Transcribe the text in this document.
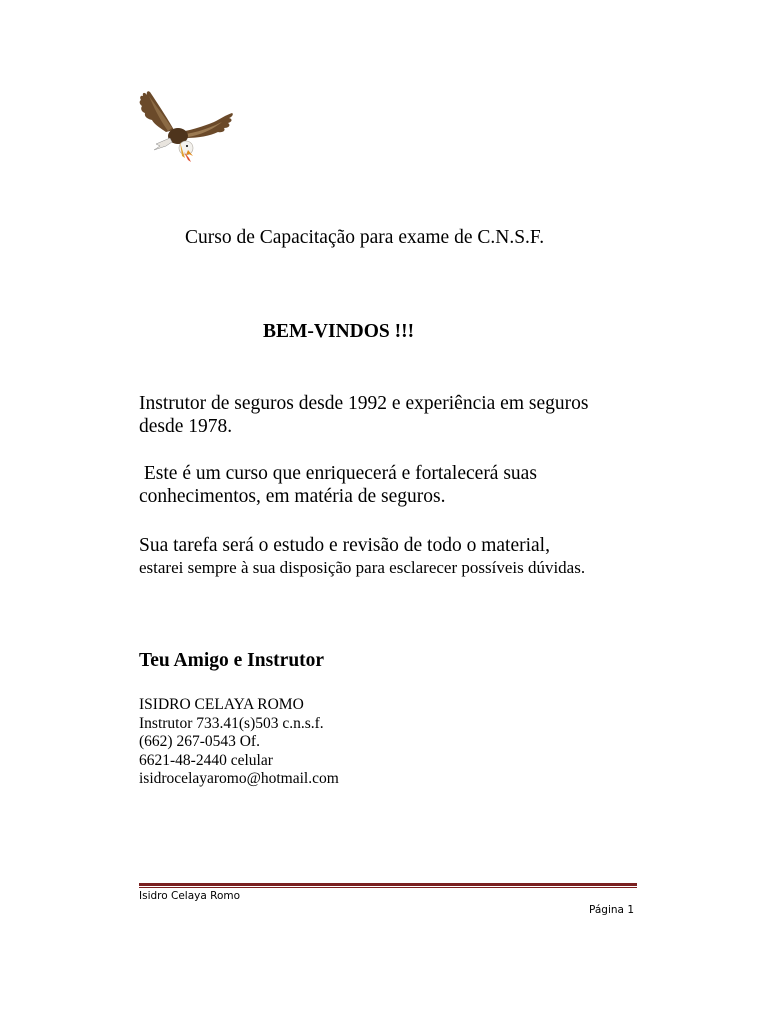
Curso de Capacitação para exame de C.N.S.F.

BEM-VINDOS !!!

Instrutor de seguros desde 1992 e experiência em seguros
desde 1978.
Este é um curso que enriquecerá e fortalecerá suas
conhecimentos, em matéria de seguros.
Sua tarefa será o estudo e revisão de todo o material,
estarei sempre à sua disposição para esclarecer possíveis dúvidas.

Teu Amigo e Instrutor

ISIDRO CELAYA ROMO
Instrutor 733.41(s)503 c.n.s.f.
(662) 267-0543 Of.
6621-48-2440 celular
isidrocelayaromo@hotmail.com

Isidro Celaya Romo

Página 1
